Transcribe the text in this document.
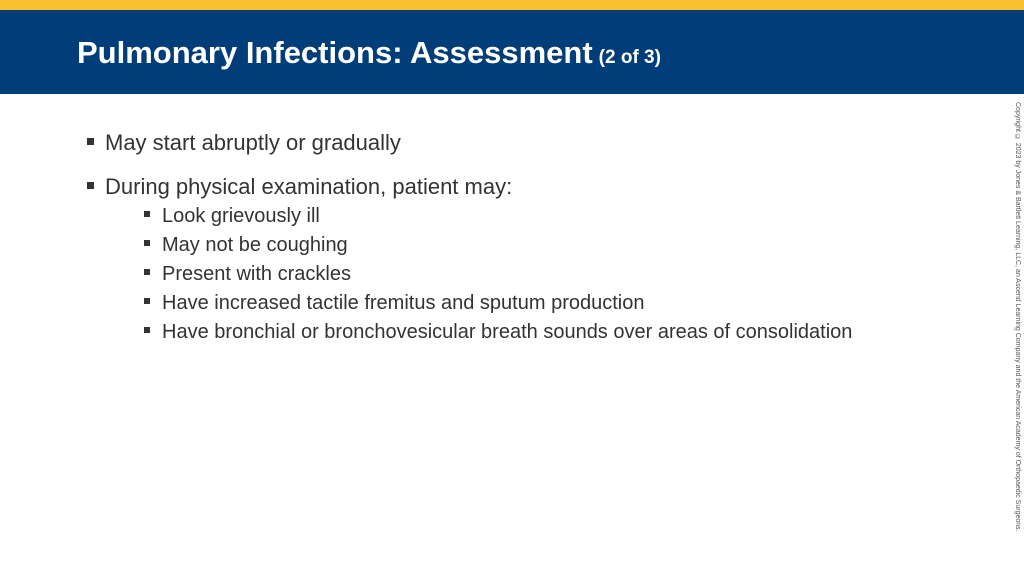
Pulmonary Infections: Assessment (2 of 3)
May start abruptly or gradually
During physical examination, patient may:
Look grievously ill
May not be coughing
Present with crackles
Have increased tactile fremitus and sputum production
Have bronchial or bronchovesicular breath sounds over areas of consolidation	Copyright © 2023 by Jones & Bartlett Learning, LLC, an Ascend Learning Company and the American Academy of Orthopaedic Surgeons.
